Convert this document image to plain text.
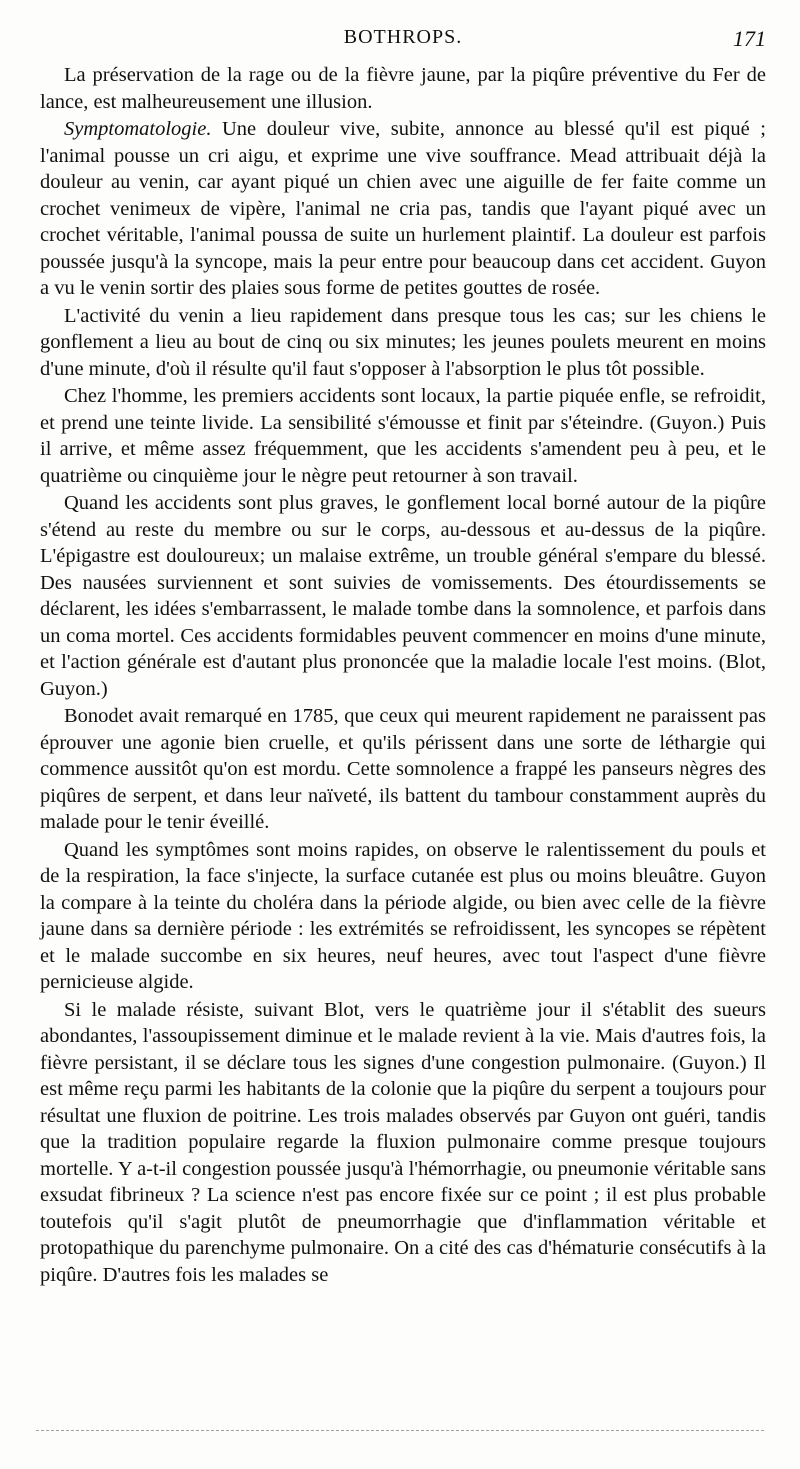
BOTHROPS.	171

La préservation de la rage ou de la fièvre jaune, par la piqûre préventive du Fer de lance, est malheureusement une illusion.

Symptomatologie. Une douleur vive, subite, annonce au blessé qu'il est piqué ; l'animal pousse un cri aigu, et exprime une vive souffrance. Mead attribuait déjà la douleur au venin, car ayant piqué un chien avec une aiguille de fer faite comme un crochet venimeux de vipère, l'animal ne cria pas, tandis que l'ayant piqué avec un crochet véritable, l'animal poussa de suite un hurlement plaintif. La douleur est parfois poussée jusqu'à la syncope, mais la peur entre pour beaucoup dans cet accident. Guyon a vu le venin sortir des plaies sous forme de petites gouttes de rosée.

L'activité du venin a lieu rapidement dans presque tous les cas; sur les chiens le gonflement a lieu au bout de cinq ou six minutes; les jeunes poulets meurent en moins d'une minute, d'où il résulte qu'il faut s'opposer à l'absorption le plus tôt possible.

Chez l'homme, les premiers accidents sont locaux, la partie piquée enfle, se refroidit, et prend une teinte livide. La sensibilité s'émousse et finit par s'éteindre. (Guyon.) Puis il arrive, et même assez fréquemment, que les accidents s'amendent peu à peu, et le quatrième ou cinquième jour le nègre peut retourner à son travail.

Quand les accidents sont plus graves, le gonflement local borné autour de la piqûre s'étend au reste du membre ou sur le corps, au-dessous et au-dessus de la piqûre. L'épigastre est douloureux; un malaise extrême, un trouble général s'empare du blessé. Des nausées surviennent et sont suivies de vomissements. Des étourdissements se déclarent, les idées s'embarrassent, le malade tombe dans la somnolence, et parfois dans un coma mortel. Ces accidents formidables peuvent commencer en moins d'une minute, et l'action générale est d'autant plus prononcée que la maladie locale l'est moins. (Blot, Guyon.)

Bonodet avait remarqué en 1785, que ceux qui meurent rapidement ne paraissent pas éprouver une agonie bien cruelle, et qu'ils périssent dans une sorte de léthargie qui commence aussitôt qu'on est mordu. Cette somnolence a frappé les panseurs nègres des piqûres de serpent, et dans leur naïveté, ils battent du tambour constamment auprès du malade pour le tenir éveillé.

Quand les symptômes sont moins rapides, on observe le ralentissement du pouls et de la respiration, la face s'injecte, la surface cutanée est plus ou moins bleuâtre. Guyon la compare à la teinte du choléra dans la période algide, ou bien avec celle de la fièvre jaune dans sa dernière période : les extrémités se refroidissent, les syncopes se répètent et le malade succombe en six heures, neuf heures, avec tout l'aspect d'une fièvre pernicieuse algide.

Si le malade résiste, suivant Blot, vers le quatrième jour il s'établit des sueurs abondantes, l'assoupissement diminue et le malade revient à la vie. Mais d'autres fois, la fièvre persistant, il se déclare tous les signes d'une congestion pulmonaire. (Guyon.) Il est même reçu parmi les habitants de la colonie que la piqûre du serpent a toujours pour résultat une fluxion de poitrine. Les trois malades observés par Guyon ont guéri, tandis que la tradition populaire regarde la fluxion pulmonaire comme presque toujours mortelle. Y a-t-il congestion poussée jusqu'à l'hémorrhagie, ou pneumonie véritable sans exsudat fibrineux ? La science n'est pas encore fixée sur ce point ; il est plus probable toutefois qu'il s'agit plutôt de pneumorrhagie que d'inflammation véritable et protopathique du parenchyme pulmonaire. On a cité des cas d'hématurie consécutifs à la piqûre. D'autres fois les malades se
